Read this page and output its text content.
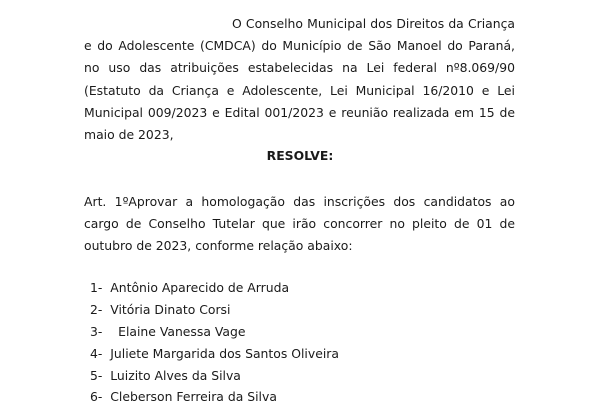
O Conselho Municipal dos Direitos da Criança e do Adolescente (CMDCA) do Município de São Manoel do Paraná, no uso das atribuições estabelecidas na Lei federal nº8.069/90 (Estatuto da Criança e Adolescente, Lei Municipal 16/2010 e Lei Municipal 009/2023 e Edital 001/2023 e reunião realizada em 15 de maio de 2023,
RESOLVE:
Art. 1ºAprovar a homologação das inscrições dos candidatos ao cargo de Conselho Tutelar que irão concorrer no pleito de 01 de outubro de 2023, conforme relação abaixo:
1- Antônio Aparecido de Arruda
2- Vitória Dinato Corsi
3- Elaine Vanessa Vage
4- Juliete Margarida dos Santos Oliveira
5- Luizito Alves da Silva
6- Cleberson Ferreira da Silva
